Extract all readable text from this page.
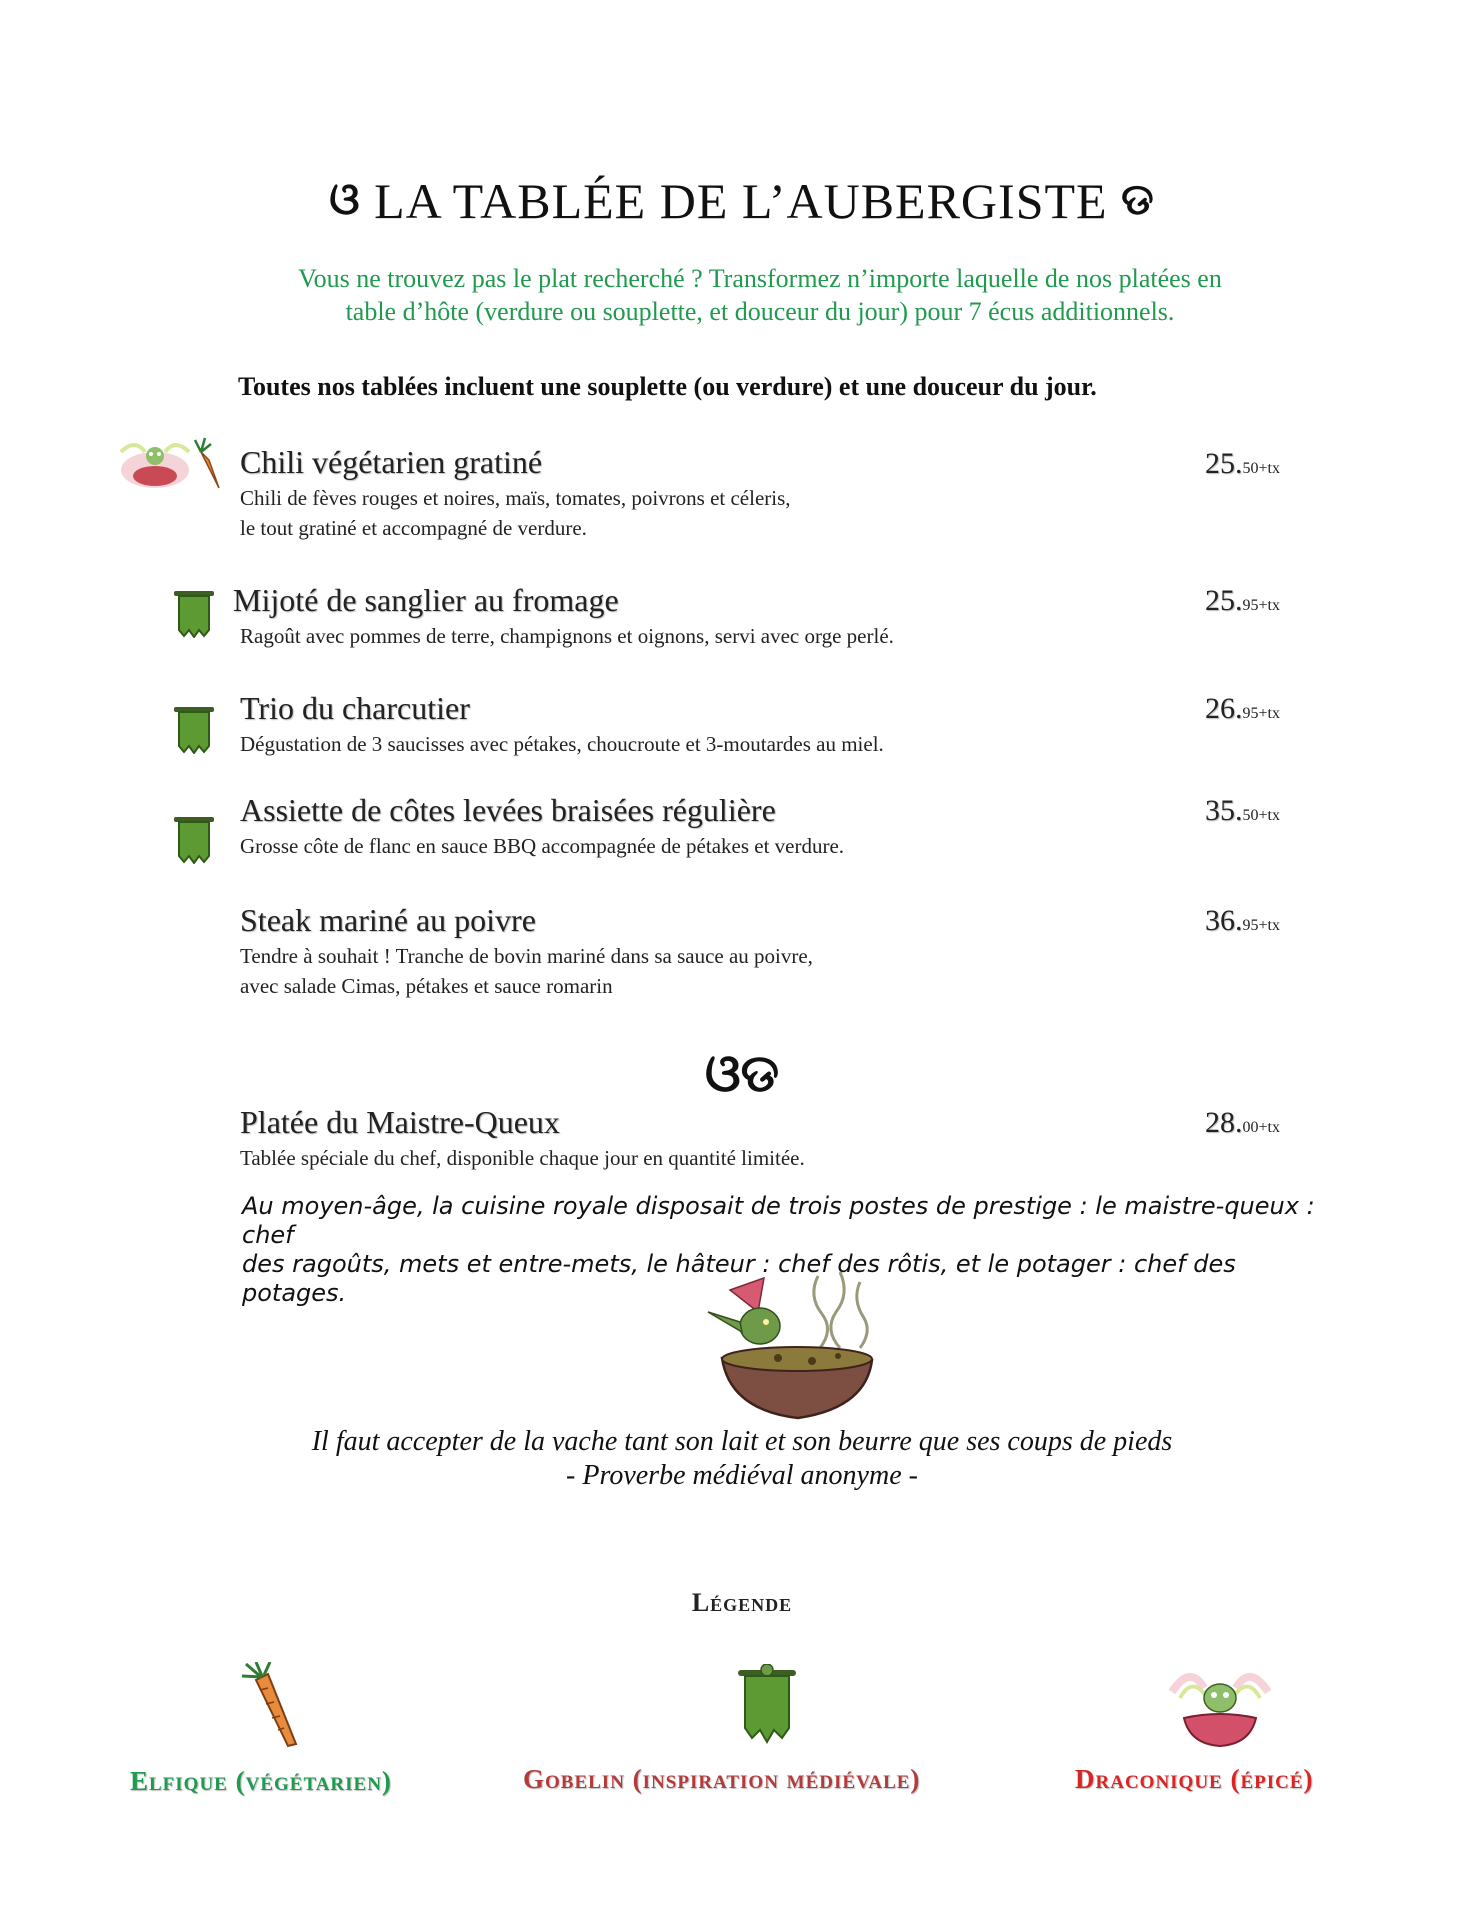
ଓ LA TABLÉE DE L’AUBERGISTE ଡ
Vous ne trouvez pas le plat recherché ? Transformez n’importe laquelle de nos platées en
table d’hôte (verdure ou souplette, et douceur du jour) pour 7 écus additionnels.
Toutes nos tablées incluent une souplette (ou verdure) et une douceur du jour.
Chili végétarien gratiné
Chili de fèves rouges et noires, maïs, tomates, poivrons et céleris,
le tout gratiné et accompagné de verdure.
25.50+tx
Mijoté de sanglier au fromage
Ragoût avec pommes de terre, champignons et oignons, servi avec orge perlé.
25.95+tx
Trio du charcutier
Dégustation de 3 saucisses avec pétakes, choucroute et 3-moutardes au miel.
26.95+tx
Assiette de côtes levées braisées régulière
Grosse côte de flanc en sauce BBQ accompagnée de pétakes et verdure.
35.50+tx
Steak mariné au poivre
Tendre à souhait ! Tranche de bovin mariné dans sa sauce au poivre,
avec salade Cimas, pétakes et sauce romarin
36.95+tx
ଓଡ
Platée du Maistre-Queux
Tablée spéciale du chef, disponible chaque jour en quantité limitée.
28.00+tx
Au moyen-âge, la cuisine royale disposait de trois postes de prestige : le maistre-queux : chef
des ragoûts, mets et entre-mets, le hâteur : chef des rôtis, et le potager : chef des potages.
Il faut accepter de la vache tant son lait et son beurre que ses coups de pieds
- Proverbe médiéval anonyme -
Légende
Elfique (végétarien)	Gobelin (inspiration médiévale)	Draconique (épicé)
